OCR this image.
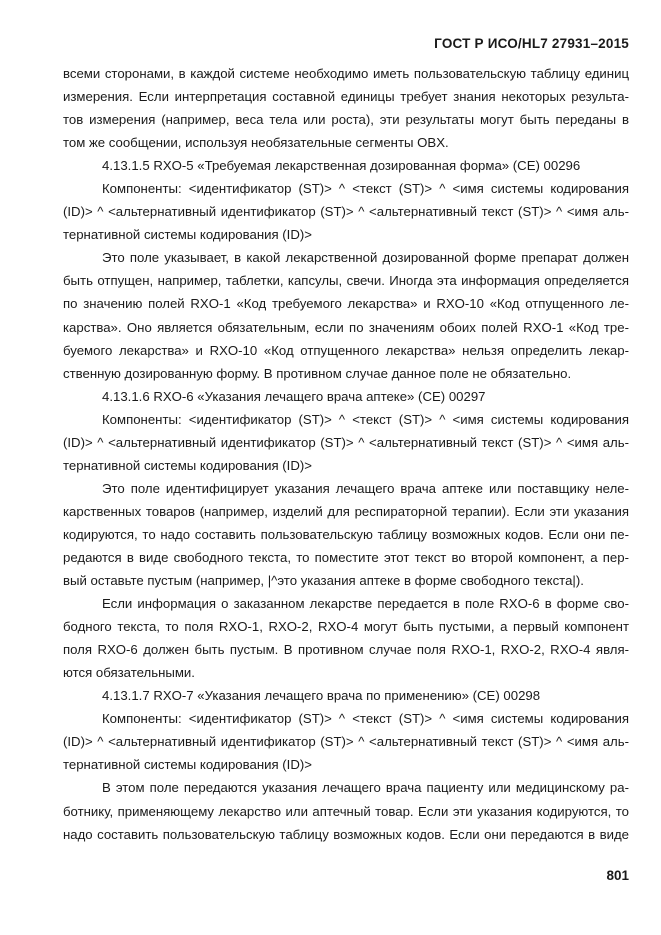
ГОСТ Р ИСО/HL7 27931–2015
всеми сторонами, в каждой системе необходимо иметь пользовательскую таблицу единиц
измерения. Если интерпретация составной единицы требует знания некоторых результа-
тов измерения (например, веса тела или роста), эти результаты могут быть переданы в
том же сообщении, используя необязательные сегменты OBX.
4.13.1.5 RXO-5 «Требуемая лекарственная дозированная форма» (CE) 00296
Компоненты: <идентификатор (ST)> ^ <текст (ST)> ^ <имя системы кодирования
(ID)> ^ <альтернативный идентификатор (ST)> ^ <альтернативный текст (ST)> ^ <имя аль-
тернативной системы кодирования (ID)>
Это поле указывает, в какой лекарственной дозированной форме препарат должен
быть отпущен, например, таблетки, капсулы, свечи. Иногда эта информация определяется
по значению полей RXO-1 «Код требуемого лекарства» и RXO-10 «Код отпущенного ле-
карства». Оно является обязательным, если по значениям обоих полей RXO-1 «Код тре-
буемого лекарства» и RXO-10 «Код отпущенного лекарства» нельзя определить лекар-
ственную дозированную форму. В противном случае данное поле не обязательно.
4.13.1.6 RXO-6 «Указания лечащего врача аптеке» (CE) 00297
Компоненты: <идентификатор (ST)> ^ <текст (ST)> ^ <имя системы кодирования
(ID)> ^ <альтернативный идентификатор (ST)> ^ <альтернативный текст (ST)> ^ <имя аль-
тернативной системы кодирования (ID)>
Это поле идентифицирует указания лечащего врача аптеке или поставщику неле-
карственных товаров (например, изделий для респираторной терапии). Если эти указания
кодируются, то надо составить пользовательскую таблицу возможных кодов. Если они пе-
редаются в виде свободного текста, то поместите этот текст во второй компонент, а пер-
вый оставьте пустым (например, |^это указания аптеке в форме свободного текста|).
Если информация о заказанном лекарстве передается в поле RXO-6 в форме сво-
бодного текста, то поля RXO-1, RXO-2, RXO-4 могут быть пустыми, а первый компонент
поля RXO-6 должен быть пустым. В противном случае поля RXO-1, RXO-2, RXO-4 явля-
ются обязательными.
4.13.1.7 RXO-7 «Указания лечащего врача по применению» (CE) 00298
Компоненты: <идентификатор (ST)> ^ <текст (ST)> ^ <имя системы кодирования
(ID)> ^ <альтернативный идентификатор (ST)> ^ <альтернативный текст (ST)> ^ <имя аль-
тернативной системы кодирования (ID)>
В этом поле передаются указания лечащего врача пациенту или медицинскому ра-
ботнику, применяющему лекарство или аптечный товар. Если эти указания кодируются, то
надо составить пользовательскую таблицу возможных кодов. Если они передаются в виде
801
